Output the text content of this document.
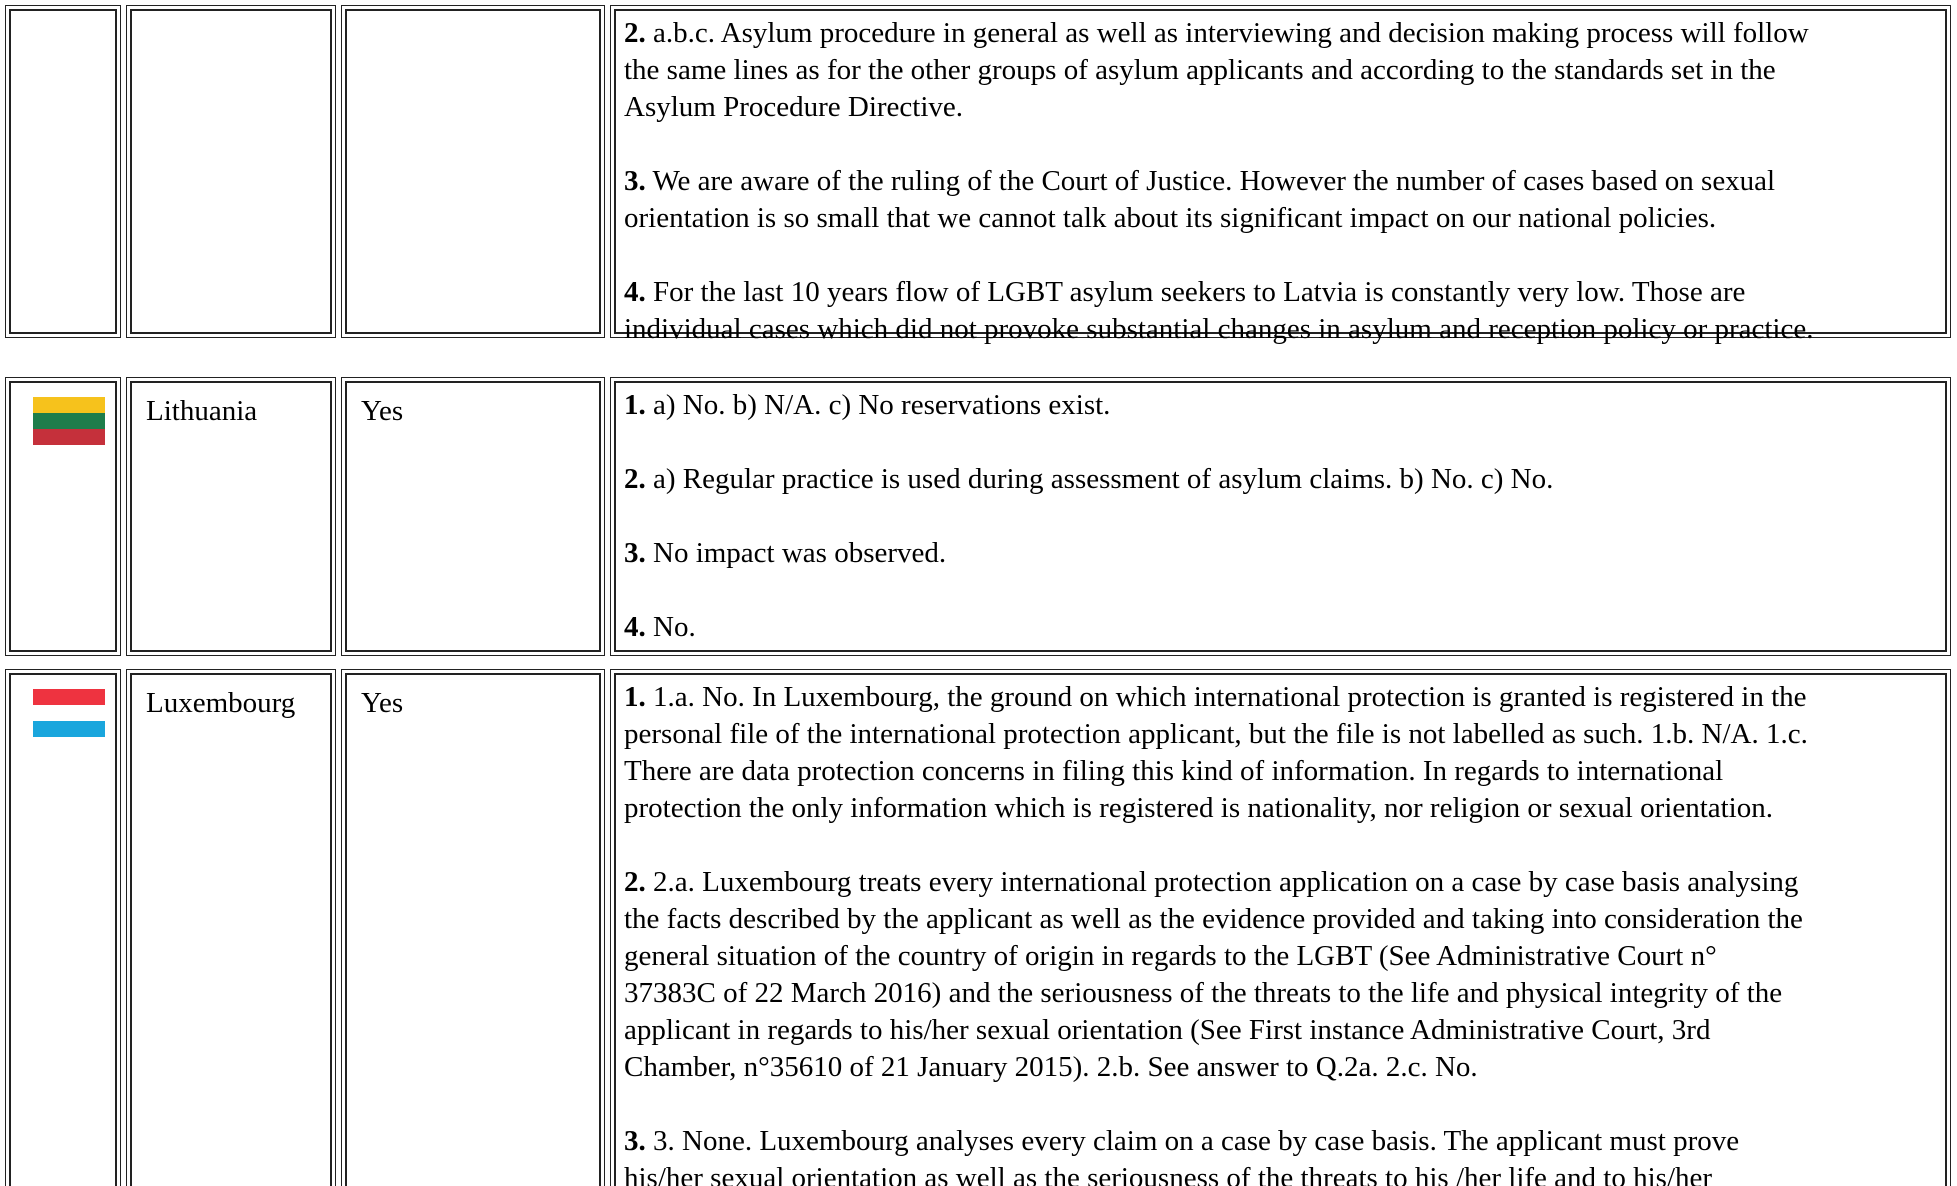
2. a.b.c. Asylum procedure in general as well as interviewing and decision making process will follow
the same lines as for the other groups of asylum applicants and according to the standards set in the
Asylum Procedure Directive.

3. We are aware of the ruling of the Court of Justice. However the number of cases based on sexual
orientation is so small that we cannot talk about its significant impact on our national policies.

4. For the last 10 years flow of LGBT asylum seekers to Latvia is constantly very low. Those are
individual cases which did not provoke substantial changes in asylum and reception policy or practice.

Lithuania	Yes	1. a) No. b) N/A. c) No reservations exist.

2. a) Regular practice is used during assessment of asylum claims. b) No. c) No.

3. No impact was observed.

4. No.

Luxembourg Yes	1. 1.a. No. In Luxembourg, the ground on which international protection is granted is registered in the
personal file of the international protection applicant, but the file is not labelled as such. 1.b. N/A. 1.c.
There are data protection concerns in filing this kind of information. In regards to international
protection the only information which is registered is nationality, nor religion or sexual orientation.

2. 2.a. Luxembourg treats every international protection application on a case by case basis analysing
the facts described by the applicant as well as the evidence provided and taking into consideration the
general situation of the country of origin in regards to the LGBT (See Administrative Court n°
37383C of 22 March 2016) and the seriousness of the threats to the life and physical integrity of the
applicant in regards to his/her sexual orientation (See First instance Administrative Court, 3rd
Chamber, n°35610 of 21 January 2015). 2.b. See answer to Q.2a. 2.c. No.

3. 3. None. Luxembourg analyses every claim on a case by case basis. The applicant must prove
his/her sexual orientation as well as the seriousness of the threats to his /her life and to his/her
